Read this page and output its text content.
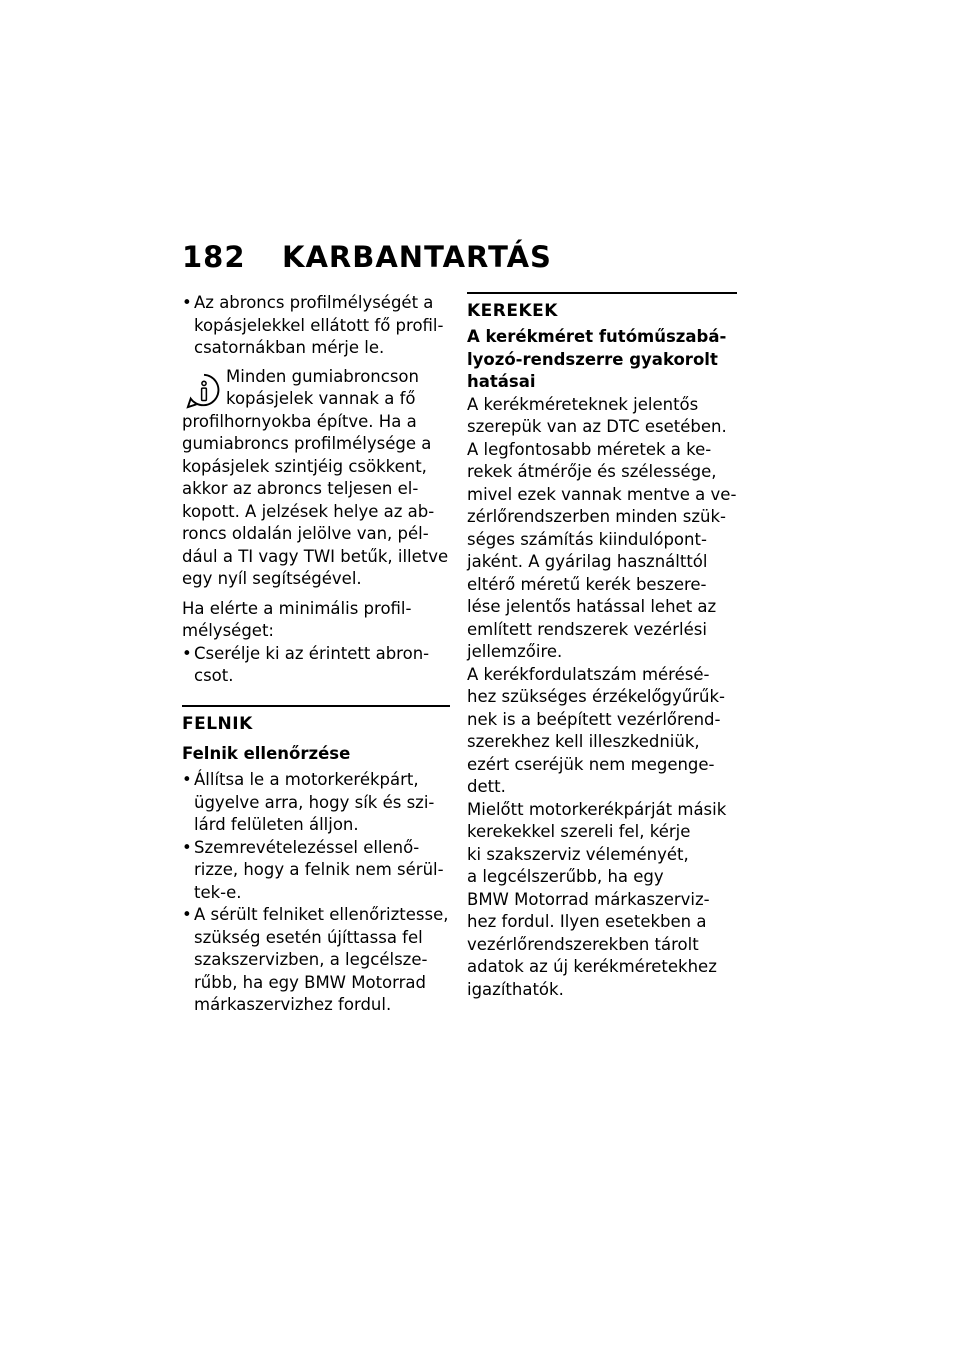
182 KARBANTARTÁS
• Az abroncs profilmélységét a
kopásjelekkel ellátott fő profil-
csatornákban mérje le.
Minden gumiabroncson
kopásjelek vannak a fő
profilhornyokba építve. Ha a
gumiabroncs profilmélysége a
kopásjelek szintjéig csökkent,
akkor az abroncs teljesen el-
kopott. A jelzések helye az ab-
roncs oldalán jelölve van, pél-
dául a TI vagy TWI betűk, illetve
egy nyíl segítségével.
Ha elérte a minimális profil-
mélységet:
• Cserélje ki az érintett abron-
csot.
FELNIK
Felnik ellenőrzése
• Állítsa le a motorkerékpárt,
ügyelve arra, hogy sík és szi-
lárd felületen álljon.
• Szemrevételezéssel ellenő-
rizze, hogy a felnik nem sérül-
tek-e.
• A sérült felniket ellenőriztesse,
szükség esetén újíttassa fel
szakszervizben, a legcélsze-
rűbb, ha egy BMW Motorrad
márkaszervizhez fordul.
KEREKEK
A kerékméret futóműszabá-
lyozó-rendszerre gyakorolt
hatásai
A kerékméreteknek jelentős
szerepük van az DTC esetében.
A legfontosabb méretek a ke-
rekek átmérője és szélessége,
mivel ezek vannak mentve a ve-
zérlőrendszerben minden szük-
séges számítás kiindulópont-
jaként. A gyárilag használttól
eltérő méretű kerék beszere-
lése jelentős hatással lehet az
említett rendszerek vezérlési
jellemzőire.
A kerékfordulatszám mérésé-
hez szükséges érzékelőgyűrűk-
nek is a beépített vezérlőrend-
szerekhez kell illeszkedniük,
ezért cseréjük nem megenge-
dett.
Mielőtt motorkerékpárját másik
kerekekkel szereli fel, kérje
ki szakszerviz véleményét,
a legcélszerűbb, ha egy
BMW Motorrad márkaszerviz-
hez fordul. Ilyen esetekben a
vezérlőrendszerekben tárolt
adatok az új kerékméretekhez
igazíthatók.
